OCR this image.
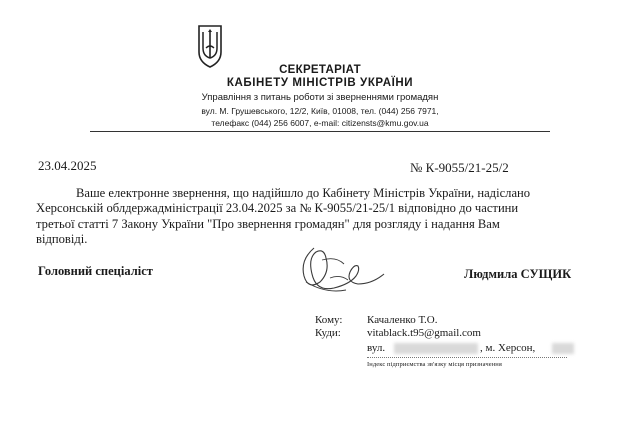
СЕКРЕТАРІАТ
КАБІНЕТУ МІНІСТРІВ УКРАЇНИ
Управління з питань роботи зі зверненнями громадян
вул. М. Грушевського, 12/2, Київ, 01008, тел. (044) 256 7971,
телефакс (044) 256 6007, e-mail: citizensts@kmu.gov.ua
23.04.2025	№ К-9055/21-25/2
Ваше електронне звернення, що надійшло до Кабінету Міністрів України, надіслано
Херсонській облдержадміністрації 23.04.2025 за № К-9055/21-25/1 відповідно до частини
третьої статті 7 Закону України "Про звернення громадян" для розгляду і надання Вам
відповіді.
Головний спеціаліст	Людмила СУЩИК
Кому: Качаленко Т.О.
Куди: vitablack.t95@gmail.com
вул.	, м. Херсон,
Індекс підприємства зв'язку місця призначення
